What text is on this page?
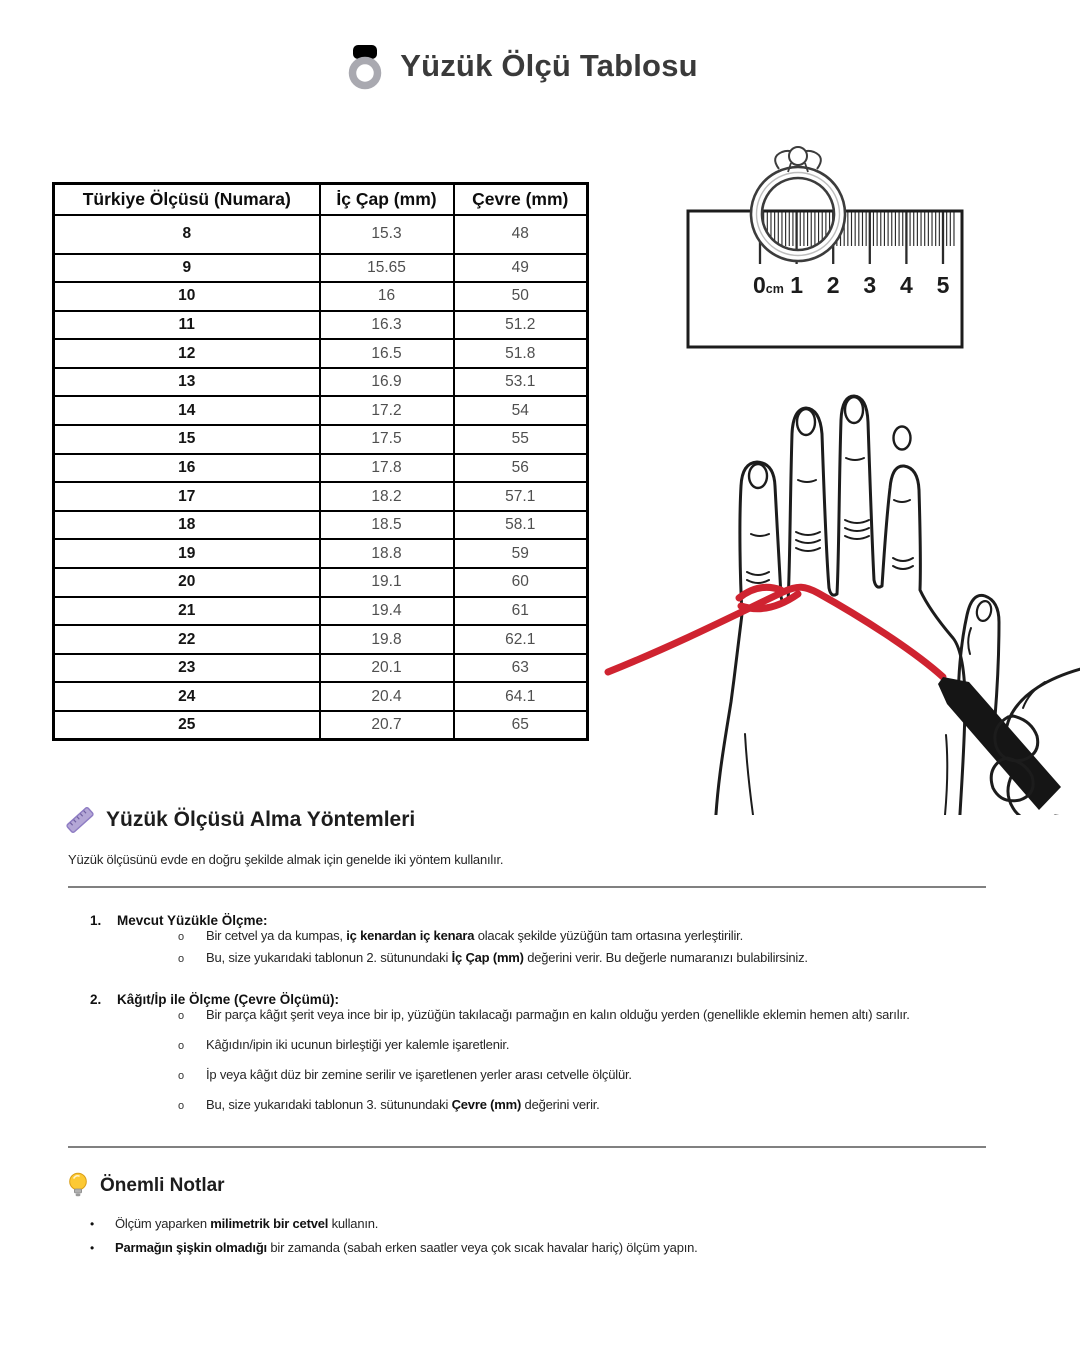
Yüzük Ölçü Tablosu
Türkiye Ölçüsü (Numara)	İç Çap (mm)	Çevre (mm)
8	15.3	48
9	15.65	49
10	16	50
11	16.3	51.2
12	16.5	51.8
13	16.9	53.1
14	17.2	54
15	17.5	55
16	17.8	56
17	18.2	57.1
18	18.5	58.1
19	18.8	59
20	19.1	60
21	19.4	61
22	19.8	62.1
23	20.1	63
24	20.4	64.1
25	20.7	65
0cm 1 2 3 4 5
Yüzük Ölçüsü Alma Yöntemleri

Yüzük ölçüsünü evde en doğru şekilde almak için genelde iki yöntem kullanılır.

1.	Mevcut Yüzükle Ölçme:
o	Bir cetvel ya da kumpas, iç kenardan iç kenara olacak şekilde yüzüğün tam ortasına yerleştirilir.
o	Bu, size yukarıdaki tablonun 2. sütunundaki İç Çap (mm) değerini verir. Bu değerle numaranızı bulabilirsiniz.
2.	Kâğıt/İp ile Ölçme (Çevre Ölçümü):
o	Bir parça kâğıt şerit veya ince bir ip, yüzüğün takılacağı parmağın en kalın olduğu yerden (genellikle eklemin hemen altı) sarılır.
o	Kâğıdın/ipin iki ucunun birleştiği yer kalemle işaretlenir.
o	İp veya kâğıt düz bir zemine serilir ve işaretlenen yerler arası cetvelle ölçülür.
o	Bu, size yukarıdaki tablonun 3. sütunundaki Çevre (mm) değerini verir.
Önemli Notlar
•	Ölçüm yaparken milimetrik bir cetvel kullanın.
•	Parmağın şişkin olmadığı bir zamanda (sabah erken saatler veya çok sıcak havalar hariç) ölçüm yapın.
